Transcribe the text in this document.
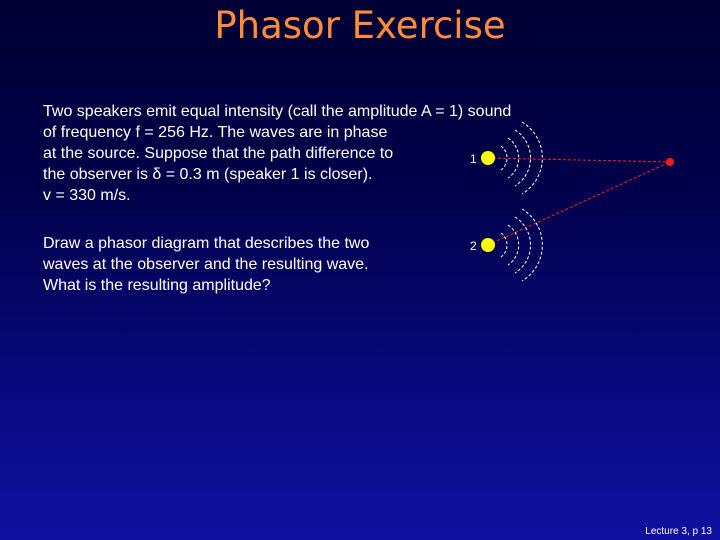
Phasor Exercise
Two speakers emit equal intensity (call the amplitude A = 1) sound
of frequency f = 256 Hz. The waves are in phase
at the source. Suppose that the path difference to
the observer is δ = 0.3 m (speaker 1 is closer).
v = 330 m/s.
Draw a phasor diagram that describes the two
waves at the observer and the resulting wave.
What is the resulting amplitude?
1
2
Lecture 3, p 13
